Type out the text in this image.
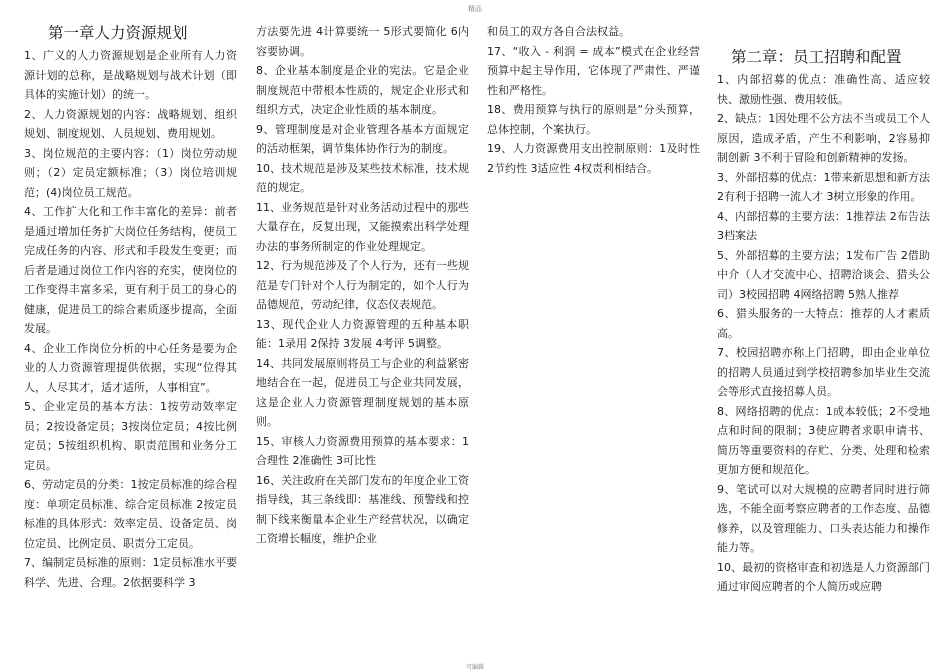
精品
第一章人力资源规划

1、广义的人力资源规划是企业所有人力资源计划的总称，是战略规划与战术计划（即具体的实施计划）的统一。

2、人力资源规划的内容：战略规划、组织规划、制度规划、人员规划、费用规划。

3、岗位规范的主要内容：（1）岗位劳动规则；（2）定员定额标准；（3）岗位培训规范；(4)岗位员工规范。

4、工作扩大化和工作丰富化的差异：前者是通过增加任务扩大岗位任务结构，使员工完成任务的内容、形式和手段发生变更；而后者是通过岗位工作内容的充实，使岗位的工作变得丰富多采，更有利于员工的身心的健康，促进员工的综合素质逐步提高，全面发展。

4、企业工作岗位分析的中心任务是要为企业的人力资源管理提供依据，实现“位得其人，人尽其才，适才适所，人事相宜”。

5、企业定员的基本方法：1按劳动效率定员；2按设备定员；3按岗位定员；4按比例定员；5按组织机构、职责范围和业务分工定员。

6、劳动定员的分类：1按定员标准的综合程度：单项定员标准、综合定员标准 2按定员标准的具体形式：效率定员、设备定员、岗位定员、比例定员、职责分工定员。

7、编制定员标准的原则：1定员标准水平要科学、先进、合理。2依据要科学 3

方法要先进 4计算要统一 5形式要简化 6内容要协调。

8、企业基本制度是企业的宪法。它是企业制度规范中带根本性质的，规定企业形式和组织方式，决定企业性质的基本制度。

9、管理制度是对企业管理各基本方面规定的活动框架，调节集体协作行为的制度。

10、技术规范是涉及某些技术标准，技术规范的规定。

11、业务规范是针对业务活动过程中的那些大量存在，反复出现，又能摸索出科学处理办法的事务所制定的作业处理规定。

12、行为规范涉及了个人行为，还有一些规范是专门针对个人行为制定的，如个人行为品德规范，劳动纪律，仪态仪表规范。

13、现代企业人力资源管理的五种基本职能：1录用 2保持 3发展 4考评 5调整。

14、共同发展原则将员工与企业的利益紧密地结合在一起，促进员工与企业共同发展，这是企业人力资源管理制度规划的基本原则。

15、审核人力资源费用预算的基本要求：1合理性 2准确性 3可比性

16、关注政府在关部门发布的年度企业工资指导线，其三条线即：基准线、预警线和控制下线来衡量本企业生产经营状况，以确定工资增长幅度，维护企业

和员工的双方各自合法权益。

17、“收入 - 利润 = 成本”模式在企业经营预算中起主导作用，它体现了严肃性、严谨性和严格性。

18、费用预算与执行的原则是“分头预算，总体控制，个案执行。

19、人力资源费用支出控制原则：1及时性 2节约性 3适应性 4权责利相结合。

第二章：员工招聘和配置

1、内部招募的优点：准确性高、适应较快、激励性强、费用较低。

2、缺点：1因处理不公方法不当或员工个人原因，造成矛盾，产生不利影响，2容易抑制创新 3不利于冒险和创新精神的发扬。

3、外部招募的优点：1带来新思想和新方法 2有利于招聘一流人才 3树立形象的作用。

4、内部招募的主要方法：1推荐法 2布告法 3档案法

5、外部招募的主要方法；1发布广告 2借助中介（人才交流中心、招聘洽谈会、猎头公司）3校园招聘 4网络招聘 5熟人推荐

6、猎头服务的一大特点：推荐的人才素质高。

7、校园招聘亦称上门招聘，即由企业单位的招聘人员通过到学校招聘参加毕业生交流会等形式直接招募人员。

8、网络招聘的优点：1成本较低；2不受地点和时间的限制；3使应聘者求职申请书、简历等重要资料的存贮、分类、处理和检索更加方便和规范化。

9、笔试可以对大规模的应聘者同时进行筛选，不能全面考察应聘者的工作态度、品德修养，以及管理能力、口头表达能力和操作能力等。

10、最初的资格审查和初选是人力资源部门通过审阅应聘者的个人简历或应聘

可编辑
